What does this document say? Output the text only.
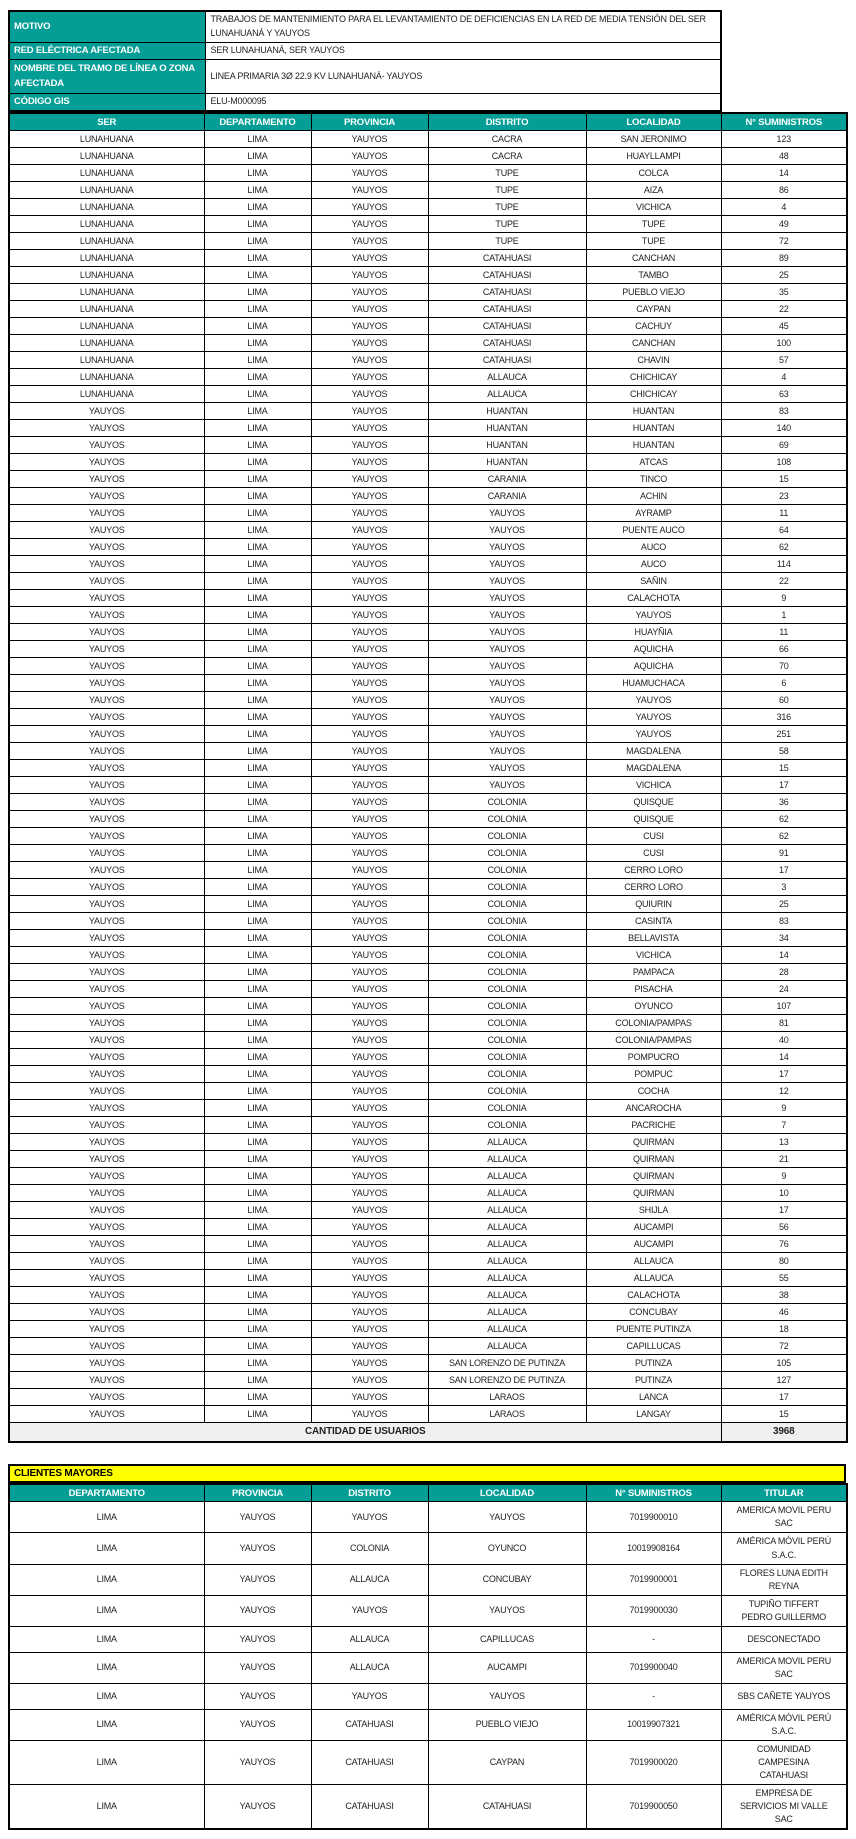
MOTIVO	TRABAJOS DE MANTENIMIENTO PARA EL LEVANTAMIENTO DE DEFICIENCIAS EN LA RED DE MEDIA TENSIÓN DEL SER LUNAHUANÁ Y YAUYOS
RED ELÉCTRICA AFECTADA	SER LUNAHUANÁ, SER YAUYOS
NOMBRE DEL TRAMO DE LÍNEA O ZONA AFECTADA	LINEA PRIMARIA 3Ø 22.9 KV LUNAHUANÁ- YAUYOS
CÓDIGO GIS	ELU-M000095
SER	DEPARTAMENTO	PROVINCIA	DISTRITO	LOCALIDAD	N° SUMINISTROS
LUNAHUANA	LIMA	YAUYOS	CACRA	SAN JERONIMO	123
LUNAHUANA	LIMA	YAUYOS	CACRA	HUAYLLAMPI	48
LUNAHUANA	LIMA	YAUYOS	TUPE	COLCA	14
LUNAHUANA	LIMA	YAUYOS	TUPE	AIZA	86
LUNAHUANA	LIMA	YAUYOS	TUPE	VICHICA	4
LUNAHUANA	LIMA	YAUYOS	TUPE	TUPE	49
LUNAHUANA	LIMA	YAUYOS	TUPE	TUPE	72
LUNAHUANA	LIMA	YAUYOS	CATAHUASI	CANCHAN	89
LUNAHUANA	LIMA	YAUYOS	CATAHUASI	TAMBO	25
LUNAHUANA	LIMA	YAUYOS	CATAHUASI	PUEBLO VIEJO	35
LUNAHUANA	LIMA	YAUYOS	CATAHUASI	CAYPAN	22
LUNAHUANA	LIMA	YAUYOS	CATAHUASI	CACHUY	45
LUNAHUANA	LIMA	YAUYOS	CATAHUASI	CANCHAN	100
LUNAHUANA	LIMA	YAUYOS	CATAHUASI	CHAVIN	57
LUNAHUANA	LIMA	YAUYOS	ALLAUCA	CHICHICAY	4
LUNAHUANA	LIMA	YAUYOS	ALLAUCA	CHICHICAY	63
YAUYOS	LIMA	YAUYOS	HUANTAN	HUANTAN	83
YAUYOS	LIMA	YAUYOS	HUANTAN	HUANTAN	140
YAUYOS	LIMA	YAUYOS	HUANTAN	HUANTAN	69
YAUYOS	LIMA	YAUYOS	HUANTAN	ATCAS	108
YAUYOS	LIMA	YAUYOS	CARANIA	TINCO	15
YAUYOS	LIMA	YAUYOS	CARANIA	ACHIN	23
YAUYOS	LIMA	YAUYOS	YAUYOS	AYRAMP	11
YAUYOS	LIMA	YAUYOS	YAUYOS	PUENTE AUCO	64
YAUYOS	LIMA	YAUYOS	YAUYOS	AUCO	62
YAUYOS	LIMA	YAUYOS	YAUYOS	AUCO	114
YAUYOS	LIMA	YAUYOS	YAUYOS	SAÑIN	22
YAUYOS	LIMA	YAUYOS	YAUYOS	CALACHOTA	9
YAUYOS	LIMA	YAUYOS	YAUYOS	YAUYOS	1
YAUYOS	LIMA	YAUYOS	YAUYOS	HUAYÑIA	11
YAUYOS	LIMA	YAUYOS	YAUYOS	AQUICHA	66
YAUYOS	LIMA	YAUYOS	YAUYOS	AQUICHA	70
YAUYOS	LIMA	YAUYOS	YAUYOS	HUAMUCHACA	6
YAUYOS	LIMA	YAUYOS	YAUYOS	YAUYOS	60
YAUYOS	LIMA	YAUYOS	YAUYOS	YAUYOS	316
YAUYOS	LIMA	YAUYOS	YAUYOS	YAUYOS	251
YAUYOS	LIMA	YAUYOS	YAUYOS	MAGDALENA	58
YAUYOS	LIMA	YAUYOS	YAUYOS	MAGDALENA	15
YAUYOS	LIMA	YAUYOS	YAUYOS	VICHICA	17
YAUYOS	LIMA	YAUYOS	COLONIA	QUISQUE	36
YAUYOS	LIMA	YAUYOS	COLONIA	QUISQUE	62
YAUYOS	LIMA	YAUYOS	COLONIA	CUSI	62
YAUYOS	LIMA	YAUYOS	COLONIA	CUSI	91
YAUYOS	LIMA	YAUYOS	COLONIA	CERRO LORO	17
YAUYOS	LIMA	YAUYOS	COLONIA	CERRO LORO	3
YAUYOS	LIMA	YAUYOS	COLONIA	QUIURIN	25
YAUYOS	LIMA	YAUYOS	COLONIA	CASINTA	83
YAUYOS	LIMA	YAUYOS	COLONIA	BELLAVISTA	34
YAUYOS	LIMA	YAUYOS	COLONIA	VICHICA	14
YAUYOS	LIMA	YAUYOS	COLONIA	PAMPACA	28
YAUYOS	LIMA	YAUYOS	COLONIA	PISACHA	24
YAUYOS	LIMA	YAUYOS	COLONIA	OYUNCO	107
YAUYOS	LIMA	YAUYOS	COLONIA	COLONIA/PAMPAS	81
YAUYOS	LIMA	YAUYOS	COLONIA	COLONIA/PAMPAS	40
YAUYOS	LIMA	YAUYOS	COLONIA	POMPUCRO	14
YAUYOS	LIMA	YAUYOS	COLONIA	POMPUC	17
YAUYOS	LIMA	YAUYOS	COLONIA	COCHA	12
YAUYOS	LIMA	YAUYOS	COLONIA	ANCAROCHA	9
YAUYOS	LIMA	YAUYOS	COLONIA	PACRICHE	7
YAUYOS	LIMA	YAUYOS	ALLAUCA	QUIRMAN	13
YAUYOS	LIMA	YAUYOS	ALLAUCA	QUIRMAN	21
YAUYOS	LIMA	YAUYOS	ALLAUCA	QUIRMAN	9
YAUYOS	LIMA	YAUYOS	ALLAUCA	QUIRMAN	10
YAUYOS	LIMA	YAUYOS	ALLAUCA	SHIJLA	17
YAUYOS	LIMA	YAUYOS	ALLAUCA	AUCAMPI	56
YAUYOS	LIMA	YAUYOS	ALLAUCA	AUCAMPI	76
YAUYOS	LIMA	YAUYOS	ALLAUCA	ALLAUCA	80
YAUYOS	LIMA	YAUYOS	ALLAUCA	ALLAUCA	55
YAUYOS	LIMA	YAUYOS	ALLAUCA	CALACHOTA	38
YAUYOS	LIMA	YAUYOS	ALLAUCA	CONCUBAY	46
YAUYOS	LIMA	YAUYOS	ALLAUCA	PUENTE PUTINZA	18
YAUYOS	LIMA	YAUYOS	ALLAUCA	CAPILLUCAS	72
YAUYOS	LIMA	YAUYOS	SAN LORENZO DE PUTINZA	PUTINZA	105
YAUYOS	LIMA	YAUYOS	SAN LORENZO DE PUTINZA	PUTINZA	127
YAUYOS	LIMA	YAUYOS	LARAOS	LANCA	17
YAUYOS	LIMA	YAUYOS	LARAOS	LANGAY	15
CANTIDAD DE USUARIOS					3968
CLIENTES MAYORES
DEPARTAMENTO	PROVINCIA	DISTRITO	LOCALIDAD	N° SUMINISTROS	TITULAR
LIMA	YAUYOS	YAUYOS	YAUYOS	7019900010	AMERICA MOVIL PERU SAC
LIMA	YAUYOS	COLONIA	OYUNCO	10019908164	AMÉRICA MÓVIL PERÚ S.A.C.
LIMA	YAUYOS	ALLAUCA	CONCUBAY	7019900001	FLORES LUNA EDITH REYNA
LIMA	YAUYOS	YAUYOS	YAUYOS	7019900030	TUPIÑO TIFFERT PEDRO GUILLERMO
LIMA	YAUYOS	ALLAUCA	CAPILLUCAS	-	DESCONECTADO
LIMA	YAUYOS	ALLAUCA	AUCAMPI	7019900040	AMERICA MOVIL PERU SAC
LIMA	YAUYOS	YAUYOS	YAUYOS	-	SBS CAÑETE YAUYOS
LIMA	YAUYOS	CATAHUASI	PUEBLO VIEJO	10019907321	AMÉRICA MÓVIL PERÚ S.A.C.
LIMA	YAUYOS	CATAHUASI	CAYPAN	7019900020	COMUNIDAD CAMPESINA CATAHUASI
LIMA	YAUYOS	CATAHUASI	CATAHUASI	7019900050	EMPRESA DE SERVICIOS MI VALLE SAC
